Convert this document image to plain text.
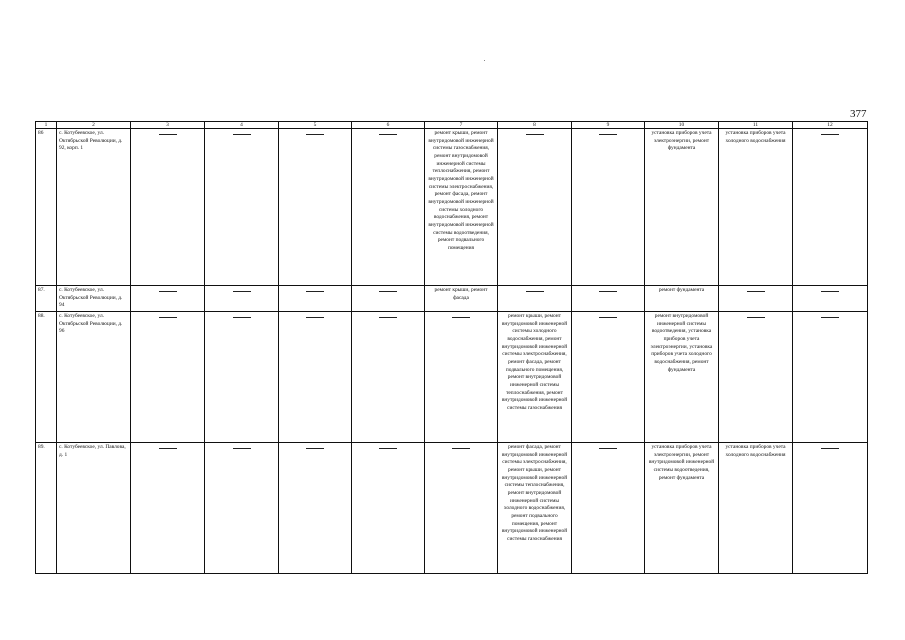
377
1	2	3	4	5	6	7	8	9	10	11	12
86	с. Котубеевское, ул. Октябрьской Революции, д. 92, корп. 1					ремонт крыши, ремонт внутридомовой инженерной системы газоснабжения, ремонт внутридомовой инженерной системы теплоснабжения, ремонт внутридомовой инженерной системы электроснабжения, ремонт фасада, ремонт внутридомовой инженерной системы холодного водоснабжения, ремонт внутридомовой инженерной системы водоотведения, ремонт подвального помещения			установка приборов учета электроэнергии, ремонт фундамента	установка приборов учета холодного водоснабжения	
87.	с. Котубеевское, ул. Октябрьской Революции, д. 94					ремонт крыши, ремонт фасада			ремонт фундамента		
88.	с. Котубеевское, ул. Октябрьской Революции, д. 96						ремонт крыши, ремонт внутридомовой инженерной системы холодного водоснабжения, ремонт внутридомовой инженерной системы электроснабжения, ремонт фасада, ремонт подвального помещения, ремонт внутридомовой инженерной системы теплоснабжения, ремонт внутридомовой инженерной системы газоснабжения		ремонт внутридомовой инженерной системы водоотведения, установка приборов учета электроэнергии, установка приборов учета холодного водоснабжения, ремонт фундамента		
89.	с. Котубеевское, ул. Павлова, д. 1						ремонт фасада, ремонт внутридомовой инженерной системы электроснабжения, ремонт крыши, ремонт внутридомовой инженерной системы теплоснабжения, ремонт внутридомовой инженерной системы холодного водоснабжения, ремонт подвального помещения, ремонт внутридомовой инженерной системы газоснабжения		установка приборов учета электроэнергии, ремонт внутридомовой инженерной системы водоотведения, ремонт фундамента	установка приборов учета холодного водоснабжения	
